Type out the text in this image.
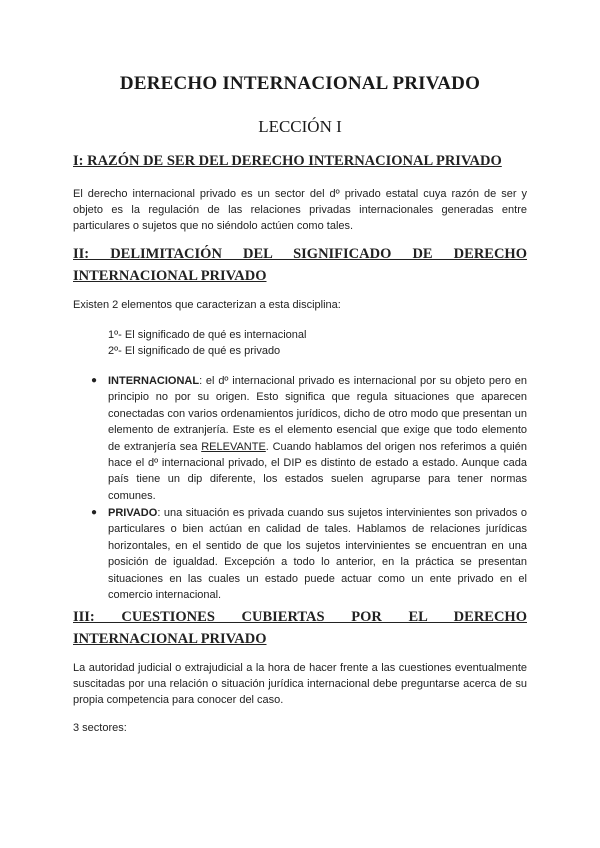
DERECHO INTERNACIONAL PRIVADO
LECCIÓN I
I: RAZÓN DE SER DEL DERECHO INTERNACIONAL PRIVADO
El derecho internacional privado es un sector del dº privado estatal cuya razón de ser y objeto es la regulación de las relaciones privadas internacionales generadas entre particulares o sujetos que no siéndolo actúen como tales.
II: DELIMITACIÓN DEL SIGNIFICADO DE DERECHO INTERNACIONAL PRIVADO
Existen 2 elementos que caracterizan a esta disciplina:
1º- El significado de qué es internacional
2º- El significado de qué es privado
● INTERNACIONAL: el dº internacional privado es internacional por su objeto pero en principio no por su origen. Esto significa que regula situaciones que aparecen conectadas con varios ordenamientos jurídicos, dicho de otro modo que presentan un elemento de extranjería. Este es el elemento esencial que exige que todo elemento de extranjería sea RELEVANTE. Cuando hablamos del origen nos referimos a quién hace el dº internacional privado, el DIP es distinto de estado a estado. Aunque cada país tiene un dip diferente, los estados suelen agruparse para tener normas comunes.
● PRIVADO: una situación es privada cuando sus sujetos intervinientes son privados o particulares o bien actúan en calidad de tales. Hablamos de relaciones jurídicas horizontales, en el sentido de que los sujetos intervinientes se encuentran en una posición de igualdad. Excepción a todo lo anterior, en la práctica se presentan situaciones en las cuales un estado puede actuar como un ente privado en el comercio internacional.
III: CUESTIONES CUBIERTAS POR EL DERECHO INTERNACIONAL PRIVADO
La autoridad judicial o extrajudicial a la hora de hacer frente a las cuestiones eventualmente suscitadas por una relación o situación jurídica internacional debe preguntarse acerca de su propia competencia para conocer del caso.
3 sectores:
